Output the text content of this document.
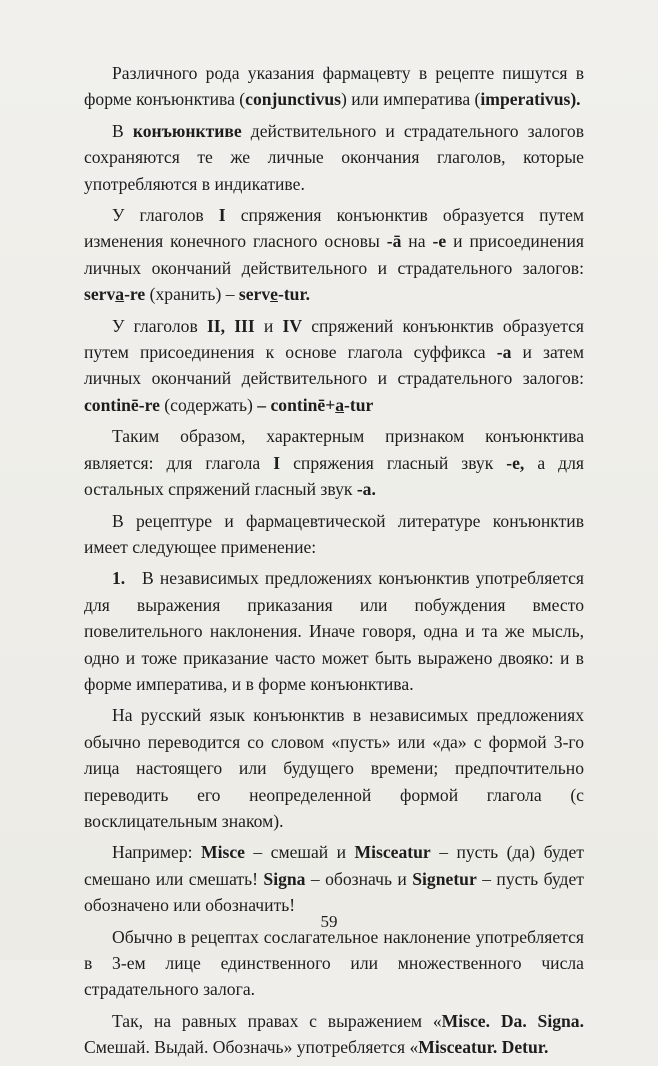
Различного рода указания фармацевту в рецепте пишутся в форме конъюнктива (conjunctivus) или императива (imperativus).

В конъюнктиве действительного и страдательного залогов сохраняются те же личные окончания глаголов, которые употребляются в индикативе.

У глаголов I спряжения конъюнктив образуется путем изменения конечного гласного основы -ā на -e и присоединения личных окончаний действительного и страдательного залогов: serva-re (хранить) – serve-tur.

У глаголов II, III и IV спряжений конъюнктив образуется путем присоединения к основе глагола суффикса -a и затем личных окончаний действительного и страдательного залогов: continē-re (содержать) – continē+a-tur

Таким образом, характерным признаком конъюнктива является: для глагола I спряжения гласный звук -e, а для остальных спряжений гласный звук -a.

В рецептуре и фармацевтической литературе конъюнктив имеет следующее применение:

1. В независимых предложениях конъюнктив употребляется для выражения приказания или побуждения вместо повелительного наклонения. Иначе говоря, одна и та же мысль, одно и тоже приказание часто может быть выражено двояко: и в форме императива, и в форме конъюнктива.

На русский язык конъюнктив в независимых предложениях обычно переводится со словом «пусть» или «да» с формой 3-го лица настоящего или будущего времени; предпочтительно переводить его неопределенной формой глагола (с восклицательным знаком).

Например: Misce – смешай и Misceatur – пусть (да) будет смешано или смешать! Signa – обозначь и Signetur – пусть будет обозначено или обозначить!

Обычно в рецептах сослагательное наклонение употребляется в 3-ем лице единственного или множественного числа страдательного залога.

Так, на равных правах с выражением «Misce. Da. Signa. Смешай. Выдай. Обозначь» употребляется «Misceatur. Detur.

59
